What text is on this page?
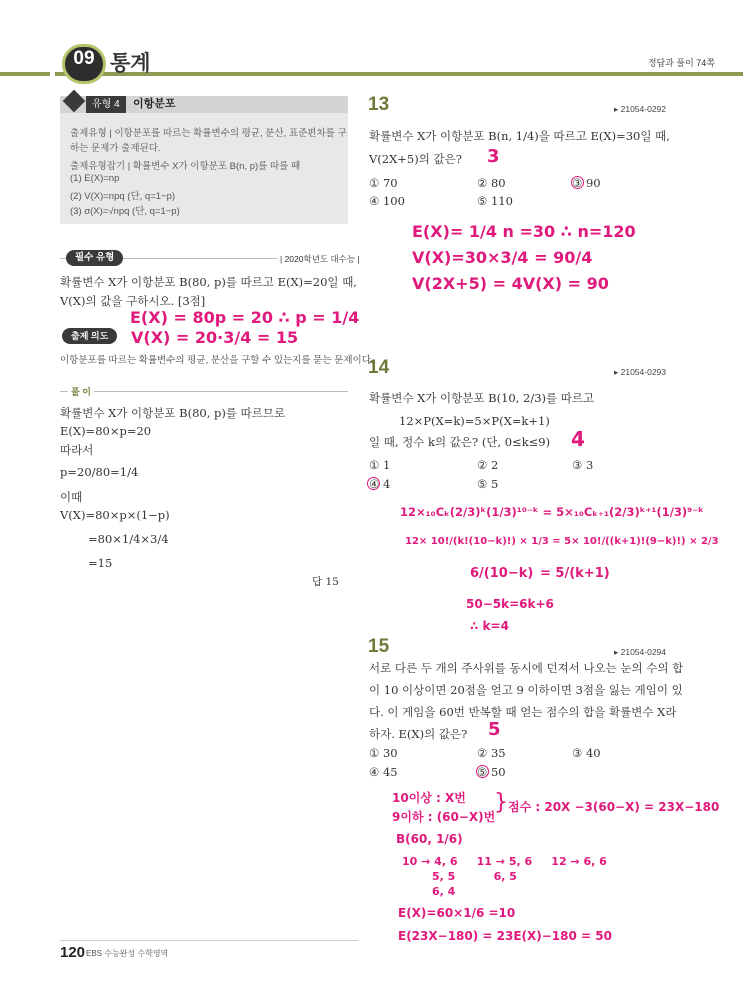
09 통계	정답과 풀이 74쪽
유형 4	이항분포
출제유형 | 이항분포를 따르는 확률변수의 평균, 분산, 표준편차를 구
하는 문제가 출제된다.
출제유형잡기 | 확률변수 X가 이항분포 B(n, p)를 따를 때
(1) E(X)=np
(2) V(X)=npq (단, q=1−p)
(3) σ(X)=√npq (단, q=1−p)
필수 유형	| 2020학년도 대수능 |
확률변수 X가 이항분포 B(80, p)를 따르고 E(X)=20일 때,
V(X)의 값을 구하시오. [3점]
E(X) = 80p = 20 ∴ p = 1/4
출제 의도	V(X) = 20·3/4 = 15
이항분포를 따르는 확률변수의 평균, 분산을 구할 수 있는지를 묻는 문제이다.
풀 이
확률변수 X가 이항분포 B(80, p)를 따르므로
E(X)=80×p=20
따라서
p=20/80=1/4
이때
V(X)=80×p×(1−p)
=80×1/4×3/4
=15
답 15
13	▸ 21054-0292
확률변수 X가 이항분포 B(n, 1/4)을 따르고 E(X)=30일 때,
V(2X+5)의 값은? 3
① 70	② 80	③ 90
④ 100	⑤ 110
E(X)= 1/4 n =30 ∴ n=120
V(X)=30×3/4 = 90/4
V(2X+5) = 4V(X) = 90
14	▸ 21054-0293
확률변수 X가 이항분포 B(10, 2/3)를 따르고
12×P(X=k)=5×P(X=k+1)
일 때, 정수 k의 값은? (단, 0≤k≤9) 4
① 1	② 2	③ 3
④ 4	⑤ 5
12×₁₀Cₖ(2/3)ᵏ(1/3)¹⁰⁻ᵏ = 5×₁₀Cₖ₊₁(2/3)ᵏ⁺¹(1/3)⁹⁻ᵏ
12× 10!/(k!(10−k)!) × 1/3 = 5× 10!/((k+1)!(9−k)!) × 2/3
6/(10−k) = 5/(k+1)
50−5k=6k+6
∴ k=4
15	▸ 21054-0294
서로 다른 두 개의 주사위를 동시에 던져서 나오는 눈의 수의 합
이 10 이상이면 20점을 얻고 9 이하이면 3점을 잃는 게임이 있
다. 이 게임을 60번 반복할 때 얻는 점수의 합을 확률변수 X라
하자. E(X)의 값은? 5
① 30	② 35	③ 40
④ 45	⑤ 50
10이상 : X번
9이하 : (60−X)번
} 점수 : 20X −3(60−X) = 23X−180
B(60, 1/6)
10 → 4, 6     11 → 5, 6     12 → 6, 6
5, 5          6, 5
6, 4
E(X)=60×1/6 =10
E(23X−180) = 23E(X)−180 = 50
120 EBS 수능완성 수학영역
